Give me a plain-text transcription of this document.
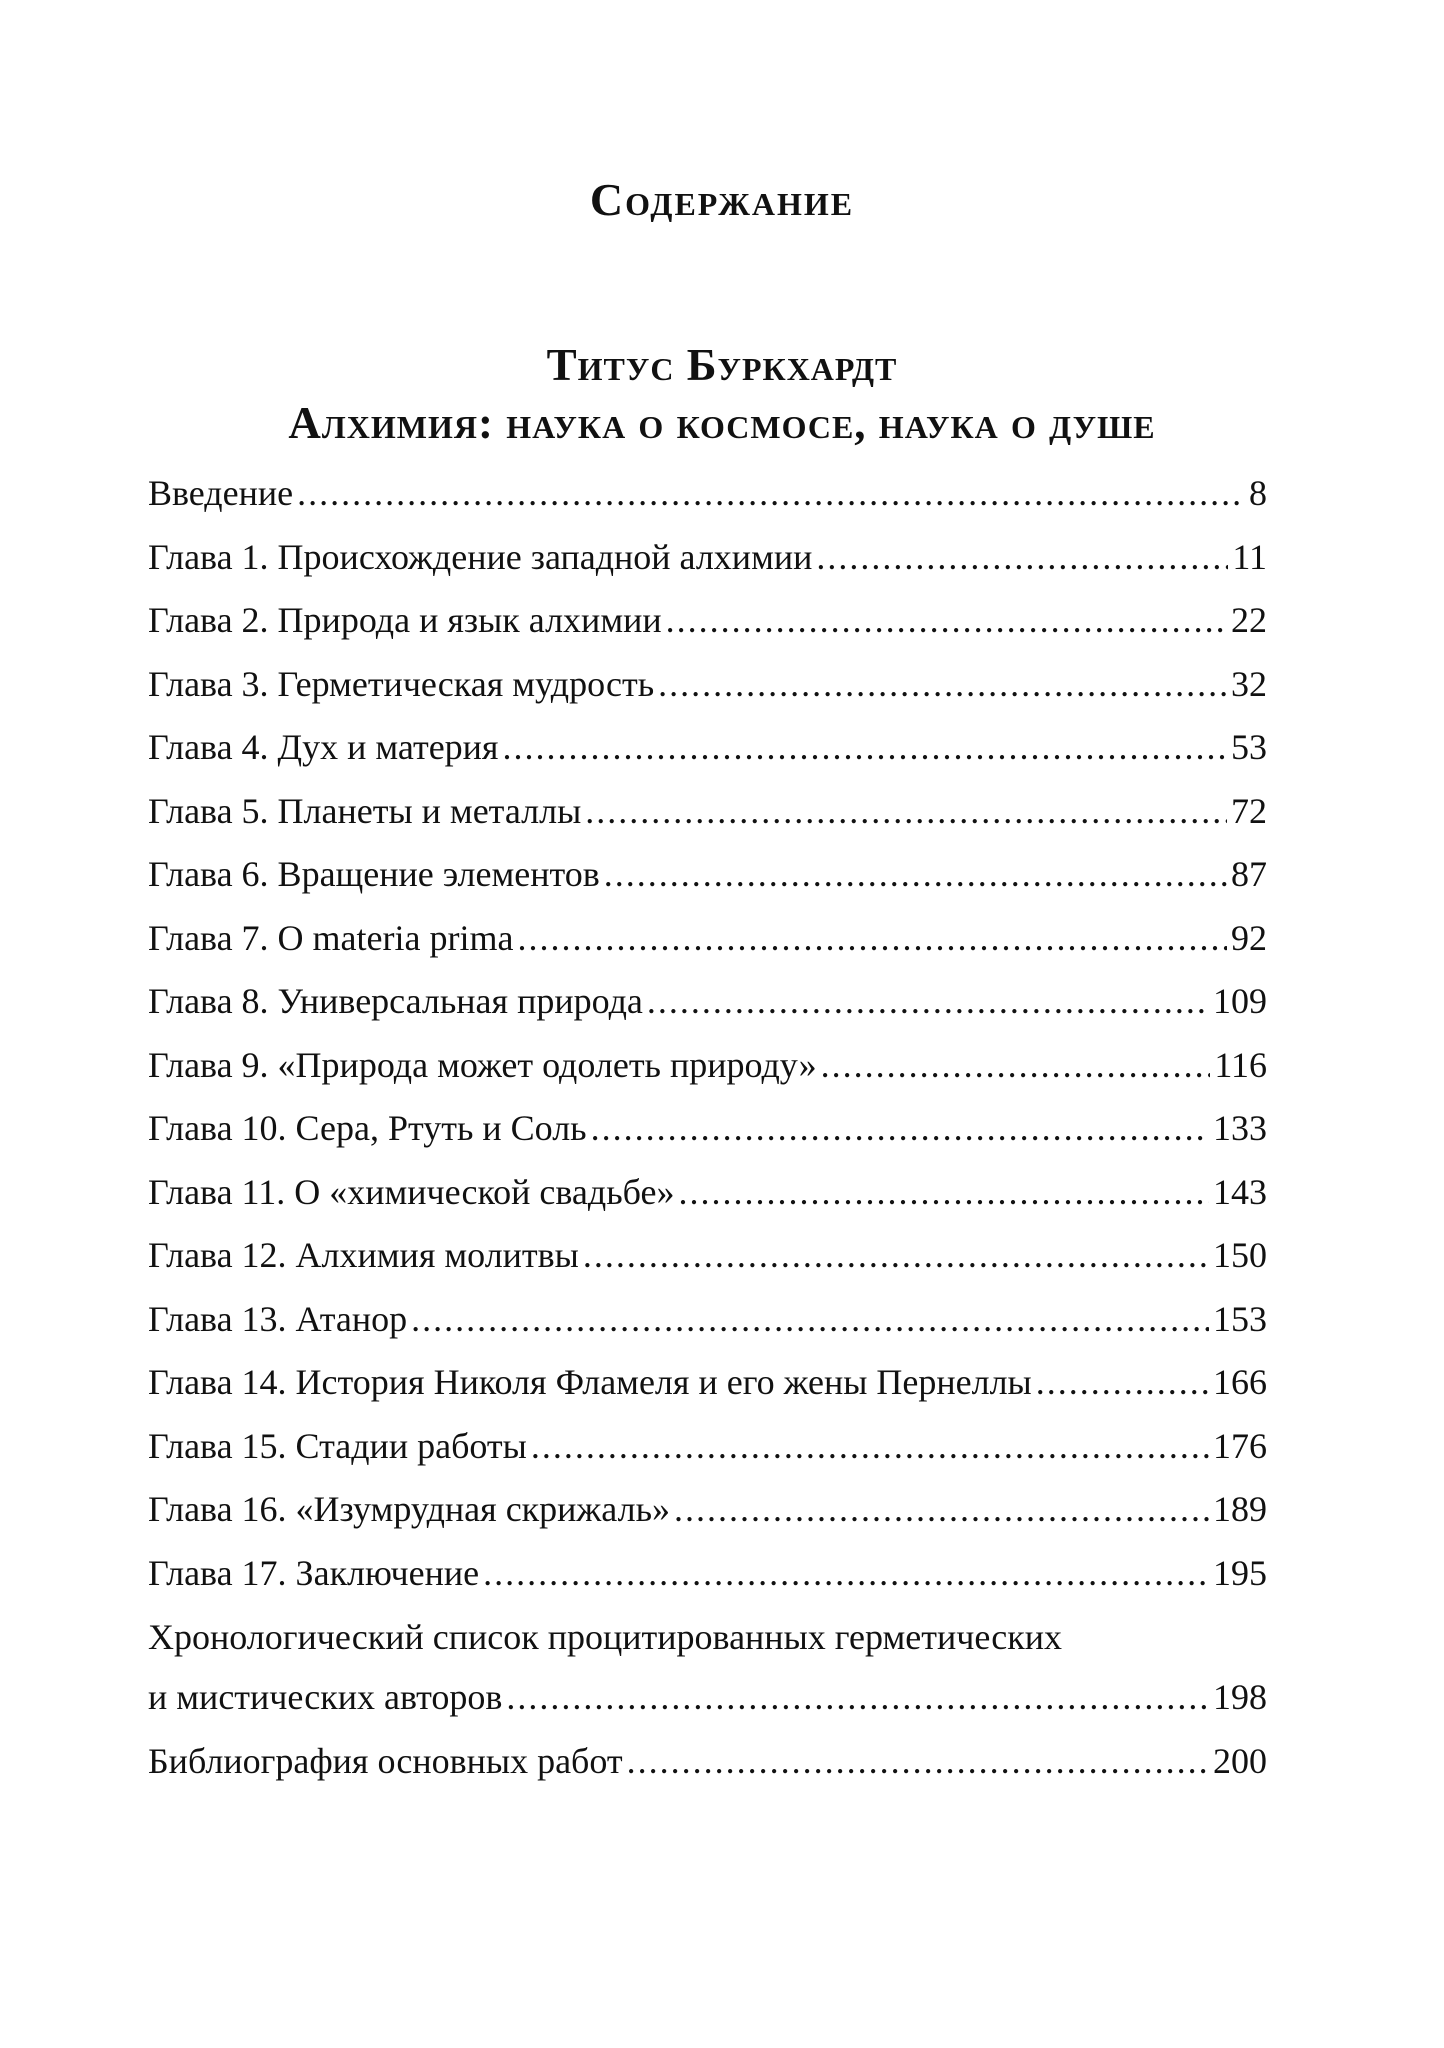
Содержание
Титус Буркхардт
Алхимия: наука о космосе, наука о душе
Введение .....	8
Глава 1. Происхождение западной алхимии .....	11
Глава 2. Природа и язык алхимии .....	22
Глава 3. Герметическая мудрость .....	32
Глава 4. Дух и материя .....	53
Глава 5. Планеты и металлы .....	72
Глава 6. Вращение элементов .....	87
Глава 7. О materia prima .....	92
Глава 8. Универсальная природа .....	109
Глава 9. «Природа может одолеть природу» .....	116
Глава 10. Сера, Ртуть и Соль .....	133
Глава 11. О «химической свадьбе» .....	143
Глава 12. Алхимия молитвы .....	150
Глава 13. Атанор .....	153
Глава 14. История Николя Фламеля и его жены Пернеллы .....	166
Глава 15. Стадии работы .....	176
Глава 16. «Изумрудная скрижаль» .....	189
Глава 17. Заключение .....	195
Хронологический список процитированных герметических
и мистических авторов .....	198
Библиография основных работ .....	200
